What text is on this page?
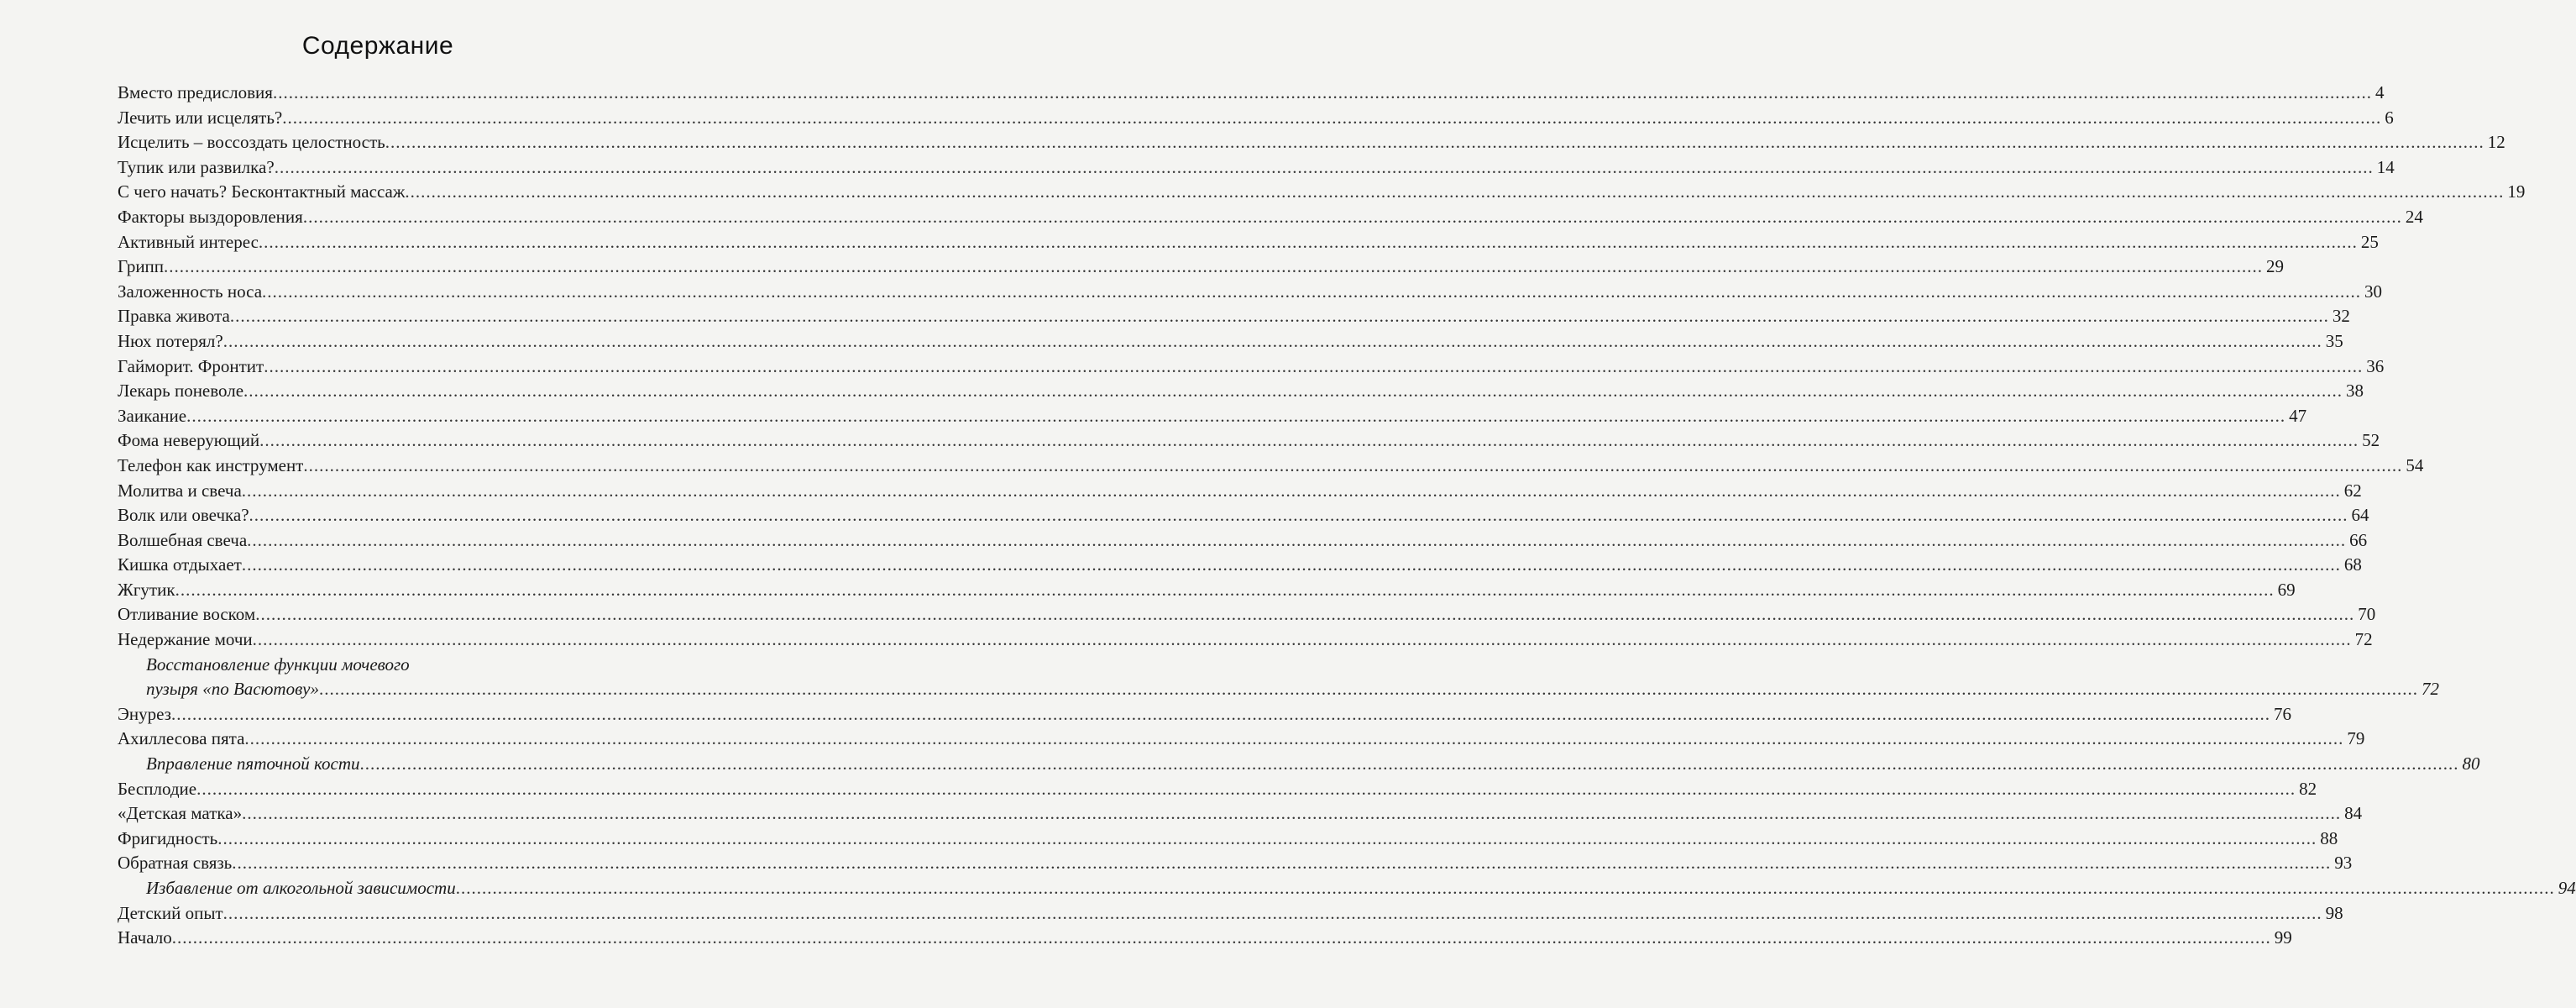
Содержание
Вместо предисловия ................................................................................................................................................................................................................................................................................................................................................................................................................ 4
Лечить или исцелять? ................................................................................................................................................................................................................................................................................................................................................................................................................ 6
Исцелить – воссоздать целостность ................................................................................................................................................................................................................................................................................................................................................................................................................ 12
Тупик или развилка? ................................................................................................................................................................................................................................................................................................................................................................................................................ 14
С чего начать? Бесконтактный массаж ................................................................................................................................................................................................................................................................................................................................................................................................................ 19
Факторы выздоровления ................................................................................................................................................................................................................................................................................................................................................................................................................ 24
Активный интерес ................................................................................................................................................................................................................................................................................................................................................................................................................ 25
Грипп ................................................................................................................................................................................................................................................................................................................................................................................................................ 29
Заложенность носа ................................................................................................................................................................................................................................................................................................................................................................................................................ 30
Правка живота ................................................................................................................................................................................................................................................................................................................................................................................................................ 32
Нюх потерял? ................................................................................................................................................................................................................................................................................................................................................................................................................ 35
Гайморит. Фронтит ................................................................................................................................................................................................................................................................................................................................................................................................................ 36
Лекарь поневоле ................................................................................................................................................................................................................................................................................................................................................................................................................ 38
Заикание ................................................................................................................................................................................................................................................................................................................................................................................................................ 47
Фома неверующий ................................................................................................................................................................................................................................................................................................................................................................................................................ 52
Телефон как инструмент ................................................................................................................................................................................................................................................................................................................................................................................................................ 54
Молитва и свеча ................................................................................................................................................................................................................................................................................................................................................................................................................ 62
Волк или овечка? ................................................................................................................................................................................................................................................................................................................................................................................................................ 64
Волшебная свеча ................................................................................................................................................................................................................................................................................................................................................................................................................ 66
Кишка отдыхает ................................................................................................................................................................................................................................................................................................................................................................................................................ 68
Жгутик ................................................................................................................................................................................................................................................................................................................................................................................................................ 69
Отливание воском ................................................................................................................................................................................................................................................................................................................................................................................................................ 70
Недержание мочи ................................................................................................................................................................................................................................................................................................................................................................................................................ 72
Восстановление функции мочевого
пузыря «по Васютову» ................................................................................................................................................................................................................................................................................................................................................................................................................ 72
Энурез ................................................................................................................................................................................................................................................................................................................................................................................................................ 76
Ахиллесова пята ................................................................................................................................................................................................................................................................................................................................................................................................................ 79
Вправление пяточной кости ................................................................................................................................................................................................................................................................................................................................................................................................................ 80
Бесплодие ................................................................................................................................................................................................................................................................................................................................................................................................................ 82
«Детская матка» ................................................................................................................................................................................................................................................................................................................................................................................................................ 84
Фригидность ................................................................................................................................................................................................................................................................................................................................................................................................................ 88
Обратная связь ................................................................................................................................................................................................................................................................................................................................................................................................................ 93
Избавление от алкогольной зависимости ................................................................................................................................................................................................................................................................................................................................................................................................................ 94
Детский опыт ................................................................................................................................................................................................................................................................................................................................................................................................................ 98
Начало ................................................................................................................................................................................................................................................................................................................................................................................................................ 99
